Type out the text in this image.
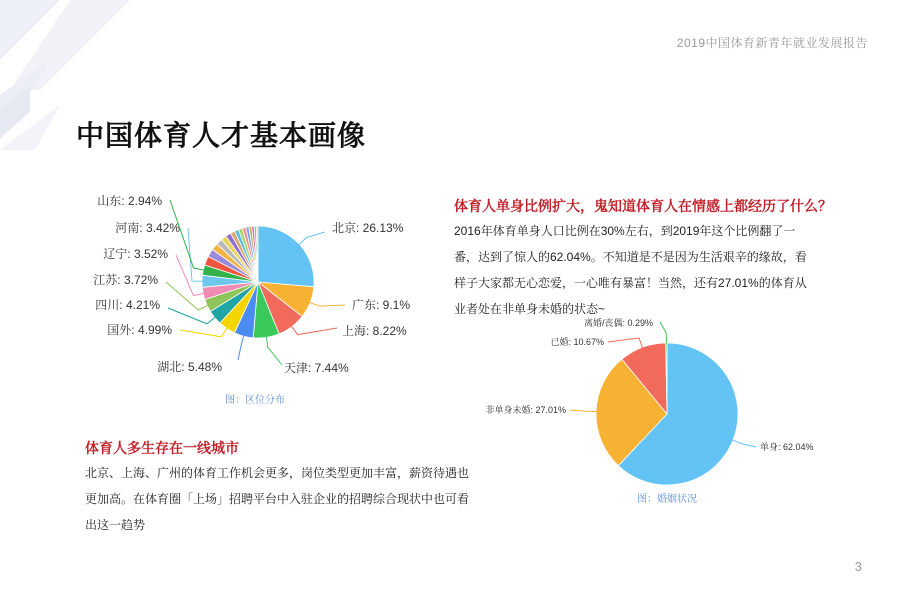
2019中国体育新青年就业发展报告
中国体育人才基本画像
北京: 26.13%
广东: 9.1%
上海: 8.22%
天津: 7.44%
湖北: 5.48%
国外: 4.99%
四川: 4.21%
江苏: 3.72%
辽宁: 3.52%
河南: 3.42%
山东: 2.94%
图：区位分布
单身: 62.04%
非单身未婚: 27.01%
已婚: 10.67%
离婚/丧偶: 0.29%
图：婚姻状况
体育人单身比例扩大，鬼知道体育人在情感上都经历了什么？
2016年体育单身人口比例在30%左右，到2019年这个比例翻了一番，达到了惊人的62.04%。不知道是不是因为生活艰辛的缘故，看样子大家都无心恋爱，一心唯有暴富！当然，还有27.01%的体育从业者处在非单身未婚的状态~
体育人多生存在一线城市
北京、上海、广州的体育工作机会更多，岗位类型更加丰富，薪资待遇也更加高。在体育圈「上场」招聘平台中入驻企业的招聘综合现状中也可看出这一趋势
3
